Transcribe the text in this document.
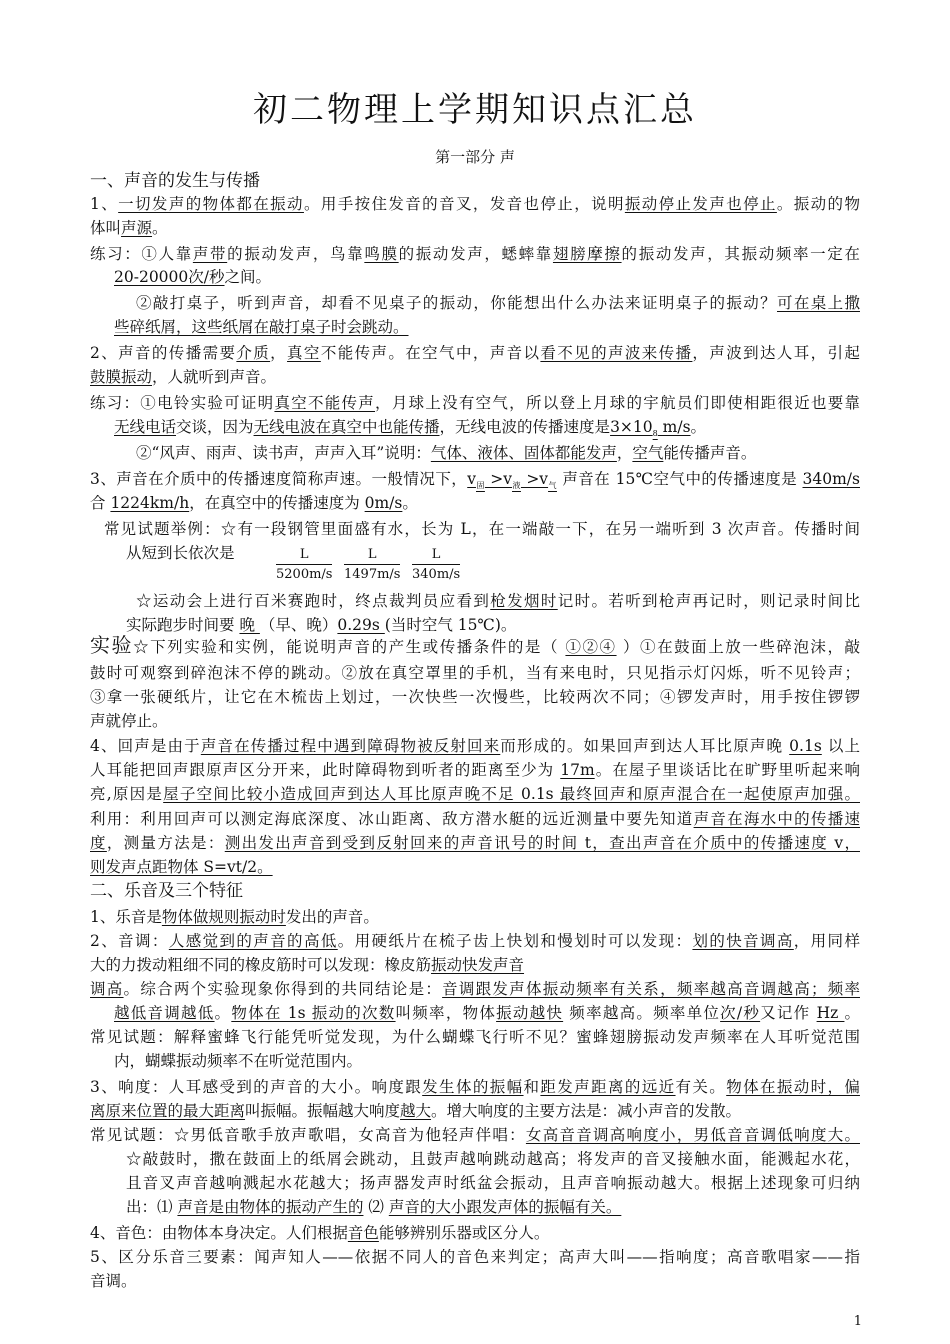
初二物理上学期知识点汇总
第一部分 声
一、声音的发生与传播
1、一切发声的物体都在振动。用手按住发音的音叉，发音也停止，说明振动停止发声也停止。振动的物
体叫声源。
练习：①人靠声带的振动发声，鸟靠鸣膜的振动发声，蟋蟀靠翅膀摩擦的振动发声，其振动频率一定在
20-20000次/秒之间。
②敲打桌子，听到声音，却看不见桌子的振动，你能想出什么办法来证明桌子的振动？可在桌上撒
些碎纸屑，这些纸屑在敲打桌子时会跳动。
2、声音的传播需要介质，真空不能传声。在空气中，声音以看不见的声波来传播，声波到达人耳，引起
鼓膜振动，人就听到声音。
练习：①电铃实验可证明真空不能传声，月球上没有空气，所以登上月球的宇航员们即使相距很近也要靠
无线电话交谈，因为无线电波在真空中也能传播，无线电波的传播速度是$3\times 10_8$ m/s。
②“风声、雨声、读书声，声声入耳”说明：气体、液体、固体都能发声，空气能传播声音。
3、声音在介质中的传播速度简称声速。一般情况下，$v_固 >v_液 >v_气$ 声音在 15℃空气中的传播速度是 340m/s
合 1224km/h，在真空中的传播速度为 0m/s。
常见试题举例：☆有一段钢管里面盛有水，长为 L，在一端敲一下，在另一端听到 3 次声音。传播时间
从短到长依次是
☆运动会上进行百米赛跑时，终点裁判员应看到枪发烟时记时。若听到枪声再记时，则记录时间比
实际跑步时间要 晚 （早、晚）0.29s (当时空气 15℃)。
实验☆下列实验和实例，能说明声音的产生或传播条件的是（ ①②④ ）①在鼓面上放一些碎泡沫，敲
鼓时可观察到碎泡沫不停的跳动。②放在真空罩里的手机，当有来电时，只见指示灯闪烁，听不见铃声；
③拿一张硬纸片，让它在木梳齿上划过，一次快些一次慢些，比较两次不同；④锣发声时，用手按住锣锣
声就停止。
4、回声是由于声音在传播过程中遇到障碍物被反射回来而形成的。如果回声到达人耳比原声晚 0.1s 以上
人耳能把回声跟原声区分开来，此时障碍物到听者的距离至少为 17m。在屋子里谈话比在旷野里听起来响
亮,原因是屋子空间比较小造成回声到达人耳比原声晚不足 0.1s 最终回声和原声混合在一起使原声加强。
利用：利用回声可以测定海底深度、冰山距离、敌方潜水艇的远近测量中要先知道声音在海水中的传播速
度，测量方法是：测出发出声音到受到反射回来的声音讯号的时间 t，查出声音在介质中的传播速度 v，
则发声点距物体 S=vt/2。
二、乐音及三个特征
1、乐音是物体做规则振动时发出的声音。
2、音调：人感觉到的声音的高低。用硬纸片在梳子齿上快划和慢划时可以发现：划的快音调高，用同样
大的力拨动粗细不同的橡皮筋时可以发现：橡皮筋振动快发声音
调高。综合两个实验现象你得到的共同结论是：音调跟发声体振动频率有关系，频率越高音调越高；频率
越低音调越低。物体在 1s 振动的次数叫频率，物体振动越快 频率越高。频率单位次/秒又记作 Hz 。
常见试题：解释蜜蜂飞行能凭听觉发现，为什么蝴蝶飞行听不见？蜜蜂翅膀振动发声频率在人耳听觉范围
内，蝴蝶振动频率不在听觉范围内。
3、响度：人耳感受到的声音的大小。响度跟发生体的振幅和距发声距离的远近有关。物体在振动时，偏
离原来位置的最大距离叫振幅。振幅越大响度越大。增大响度的主要方法是：减小声音的发散。
常见试题：☆男低音歌手放声歌唱，女高音为他轻声伴唱：女高音音调高响度小，男低音音调低响度大。
☆敲鼓时，撒在鼓面上的纸屑会跳动，且鼓声越响跳动越高；将发声的音叉接触水面，能溅起水花，
且音叉声音越响溅起水花越大；扬声器发声时纸盆会振动，且声音响振动越大。根据上述现象可归纳
出：⑴ 声音是由物体的振动产生的 ⑵ 声音的大小跟发声体的振幅有关。
4、音色：由物体本身决定。人们根据音色能够辨别乐器或区分人。
5、区分乐音三要素：闻声知人——依据不同人的音色来判定；高声大叫——指响度；高音歌唱家——指
音调。
$\frac{L}{5200m/s} \frac{L}{1497m/s} \frac{L}{340m/s}$
1
